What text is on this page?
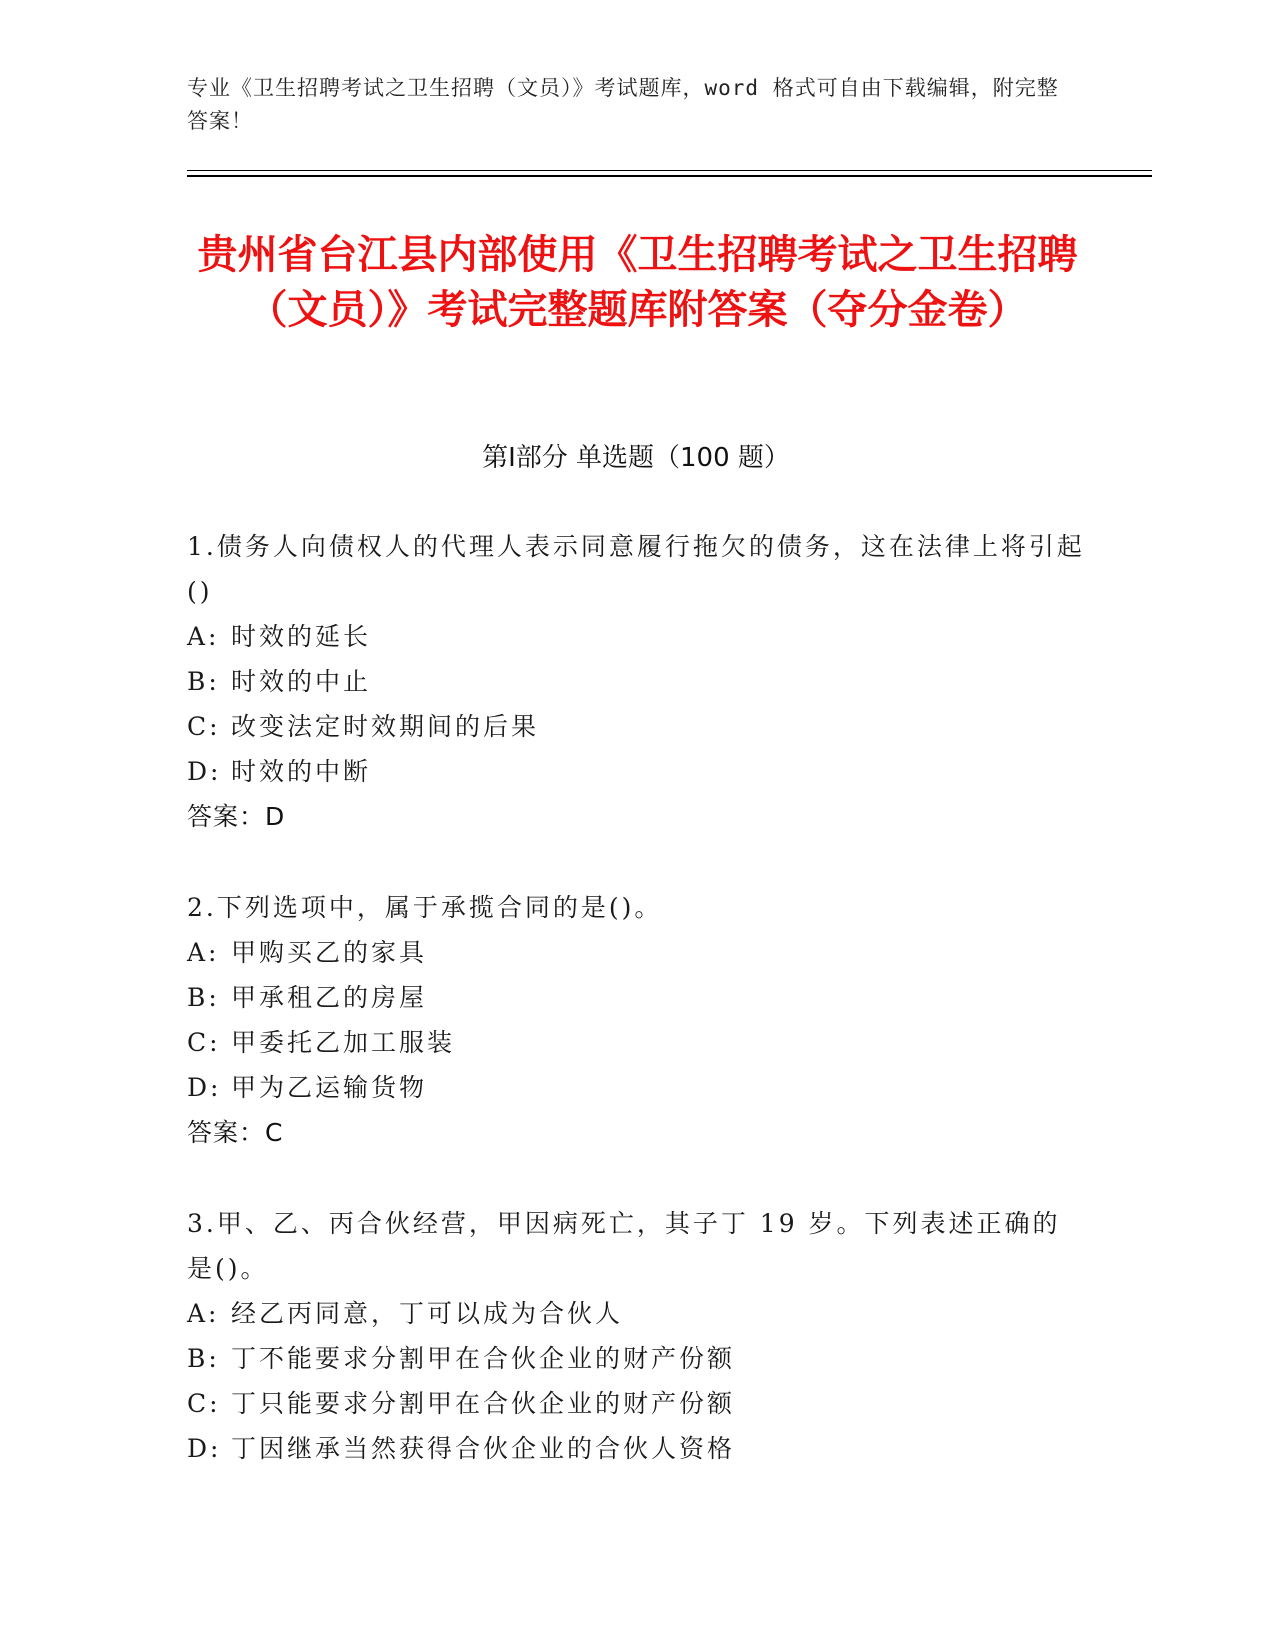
专业《卫生招聘考试之卫生招聘（文员）》考试题库，word 格式可自由下载编辑，附完整答案！
贵州省台江县内部使用《卫生招聘考试之卫生招聘（文员）》考试完整题库附答案（夺分金卷）
第Ⅰ部分 单选题（100 题）
1.债务人向债权人的代理人表示同意履行拖欠的债务，这在法律上将引起()
A: 时效的延长
B: 时效的中止
C: 改变法定时效期间的后果
D: 时效的中断
答案：D
2.下列选项中，属于承揽合同的是()。
A: 甲购买乙的家具
B: 甲承租乙的房屋
C: 甲委托乙加工服装
D: 甲为乙运输货物
答案：C
3.甲、乙、丙合伙经营，甲因病死亡，其子丁 19 岁。下列表述正确的是()。
A: 经乙丙同意，丁可以成为合伙人
B: 丁不能要求分割甲在合伙企业的财产份额
C: 丁只能要求分割甲在合伙企业的财产份额
D: 丁因继承当然获得合伙企业的合伙人资格
